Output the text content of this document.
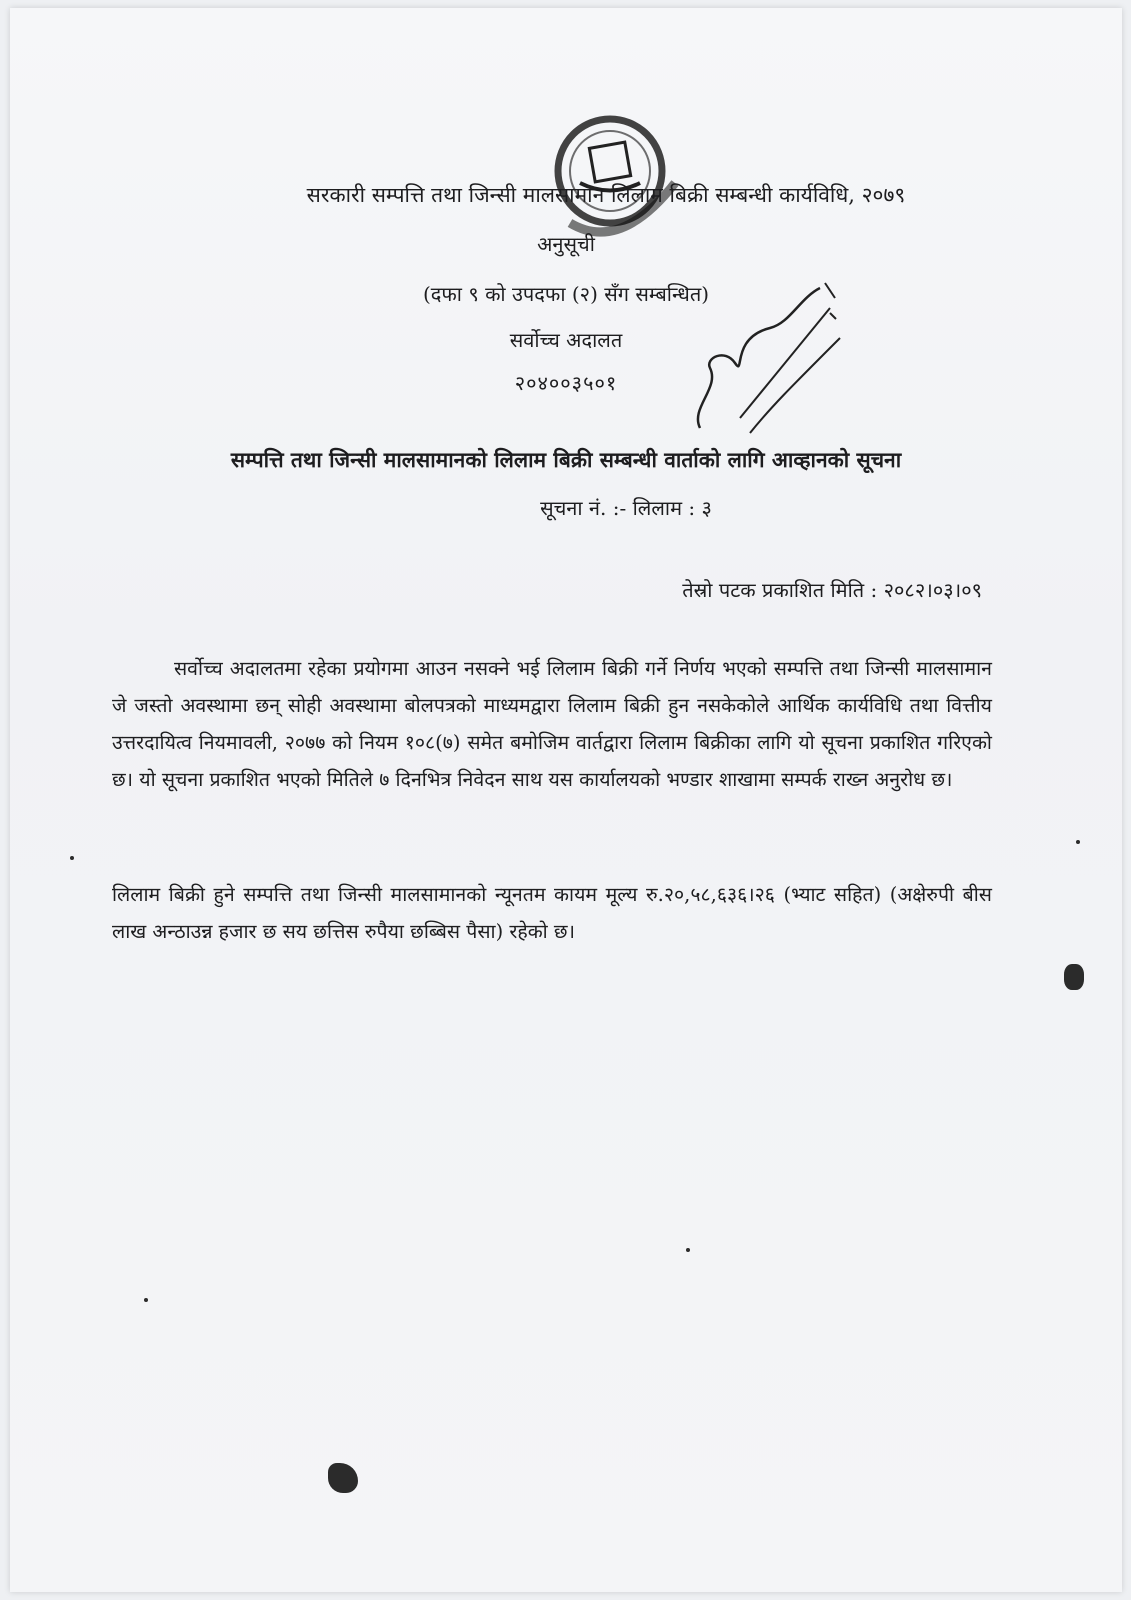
सरकारी सम्पत्ति तथा जिन्सी मालसामान लिलाम बिक्री सम्बन्धी कार्यविधि, २०७९
अनुसूची
(दफा ९ को उपदफा (२) सँग सम्बन्धित)
सर्वोच्च अदालत
२०४००३५०१
सम्पत्ति तथा जिन्सी मालसामानको लिलाम बिक्री सम्बन्धी वार्ताको लागि आव्हानको सूचना
सूचना नं. :- लिलाम : ३
तेस्रो पटक प्रकाशित मिति : २०८२।०३।०९
सर्वोच्च अदालतमा रहेका प्रयोगमा आउन नसक्ने भई लिलाम बिक्री गर्ने निर्णय भएको सम्पत्ति तथा जिन्सी मालसामान जे जस्तो अवस्थामा छन् सोही अवस्थामा बोलपत्रको माध्यमद्वारा लिलाम बिक्री हुन नसकेकोले आर्थिक कार्यविधि तथा वित्तीय उत्तरदायित्व नियमावली, २०७७ को नियम १०८(७) समेत बमोजिम वार्तद्वारा लिलाम बिक्रीका लागि यो सूचना प्रकाशित गरिएको छ। यो सूचना प्रकाशित भएको मितिले ७ दिनभित्र निवेदन साथ यस कार्यालयको भण्डार शाखामा सम्पर्क राख्न अनुरोध छ।
लिलाम बिक्री हुने सम्पत्ति तथा जिन्सी मालसामानको न्यूनतम कायम मूल्य रु.२०,५८,६३६।२६ (भ्याट सहित) (अक्षेरुपी बीस लाख अन्ठाउन्न हजार छ सय छत्तिस रुपैया छब्बिस पैसा) रहेको छ।
